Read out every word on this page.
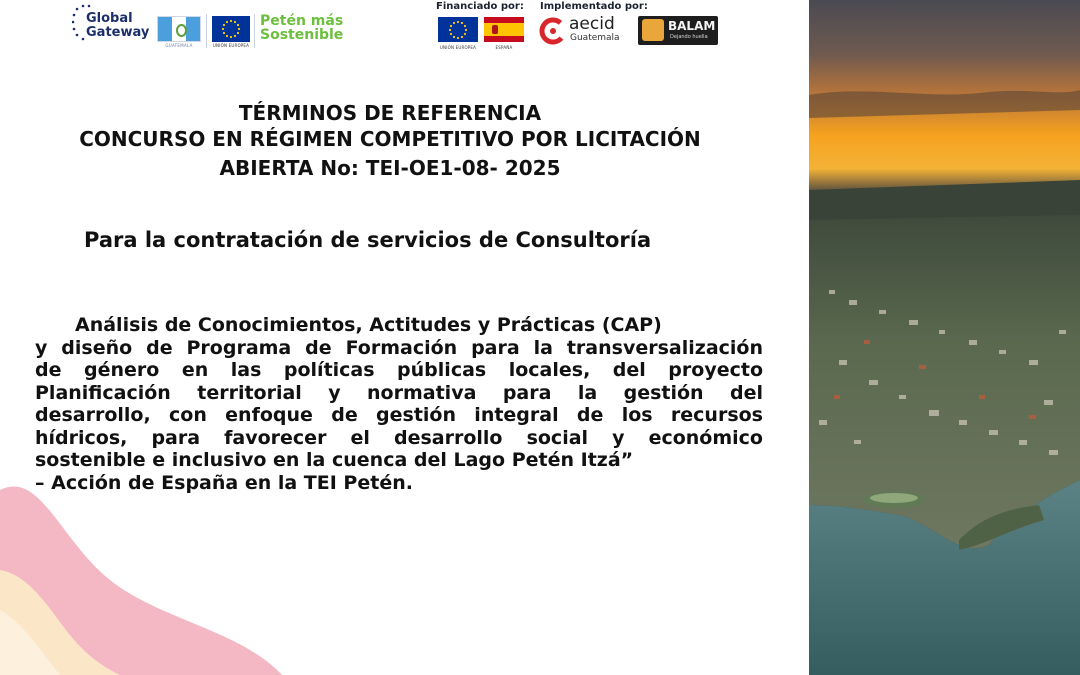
Global
Gateway
GUATEMALA	UNIÓN EUROPEA
Petén más
Sostenible
Financiado por:
UNIÓN EUROPEA	ESPAÑA
Implementado por:
aecid
Guatemala
BALAM
Dejando huella
TÉRMINOS DE REFERENCIA
CONCURSO EN RÉGIMEN COMPETITIVO POR LICITACIÓN
ABIERTA No: TEI-OE1-08- 2025
Para la contratación de servicios de Consultoría
Análisis de Conocimientos, Actitudes y Prácticas (CAP)
y diseño de Programa de Formación para la transversalización
de género en las políticas públicas locales, del proyecto
Planificación territorial y normativa para la gestión del
desarrollo, con enfoque de gestión integral de los recursos
hídricos, para favorecer el desarrollo social y económico
sostenible e inclusivo en la cuenca del Lago Petén Itzá”
– Acción de España en la TEI Petén.
